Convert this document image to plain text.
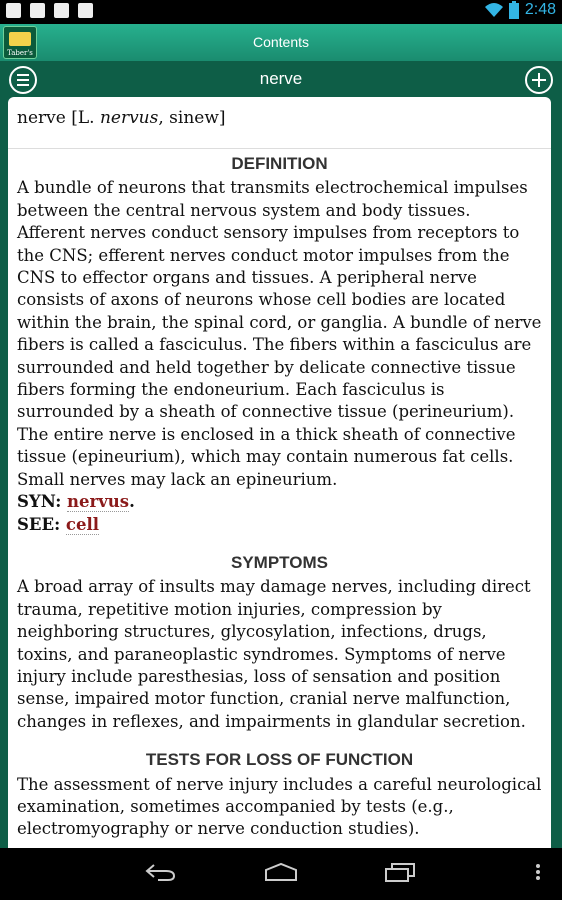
2:48
Taber's
Contents
nerve

nerve [L. nervus, sinew]

DEFINITION

A bundle of neurons that transmits electrochemical impulses between the central nervous system and body tissues. Afferent nerves conduct sensory impulses from receptors to the CNS; efferent nerves conduct motor impulses from the CNS to effector organs and tissues. A peripheral nerve consists of axons of neurons whose cell bodies are located within the brain, the spinal cord, or ganglia. A bundle of nerve fibers is called a fasciculus. The fibers within a fasciculus are surrounded and held together by delicate connective tissue fibers forming the endoneurium. Each fasciculus is surrounded by a sheath of connective tissue (perineurium). The entire nerve is enclosed in a thick sheath of connective tissue (epineurium), which may contain numerous fat cells. Small nerves may lack an epineurium.

SYN: nervus.

SEE: cell

SYMPTOMS

A broad array of insults may damage nerves, including direct trauma, repetitive motion injuries, compression by neighboring structures, glycosylation, infections, drugs, toxins, and paraneoplastic syndromes. Symptoms of nerve injury include paresthesias, loss of sensation and position sense, impaired motor function, cranial nerve malfunction, changes in reflexes, and impairments in glandular secretion.

TESTS FOR LOSS OF FUNCTION

The assessment of nerve injury includes a careful neurological examination, sometimes accompanied by tests (e.g., electromyography or nerve conduction studies).
